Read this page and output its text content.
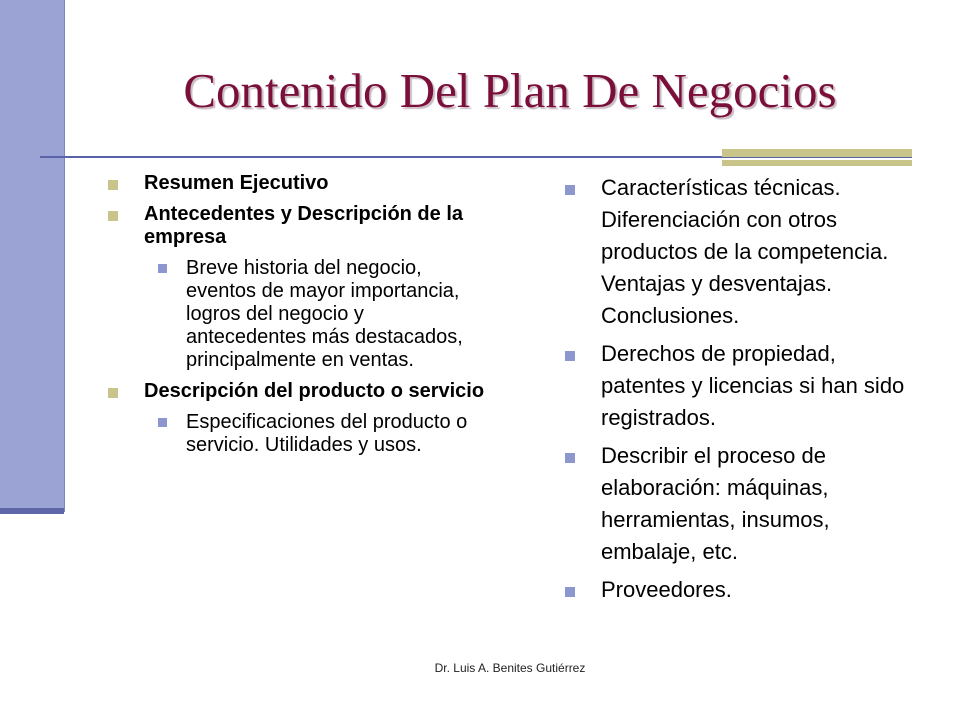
Contenido Del Plan De Negocios
Resumen Ejecutivo
Antecedentes y Descripción de la empresa
Breve historia del negocio, eventos de mayor importancia, logros del negocio y antecedentes más destacados, principalmente en ventas.
Descripción del producto o servicio
Especificaciones del producto o servicio. Utilidades y usos.
Características técnicas. Diferenciación con otros productos de la competencia. Ventajas y desventajas. Conclusiones.
Derechos de propiedad, patentes y licencias si han sido registrados.
Describir el proceso de elaboración: máquinas, herramientas, insumos, embalaje, etc.
Proveedores.
Dr. Luis A. Benites Gutiérrez
